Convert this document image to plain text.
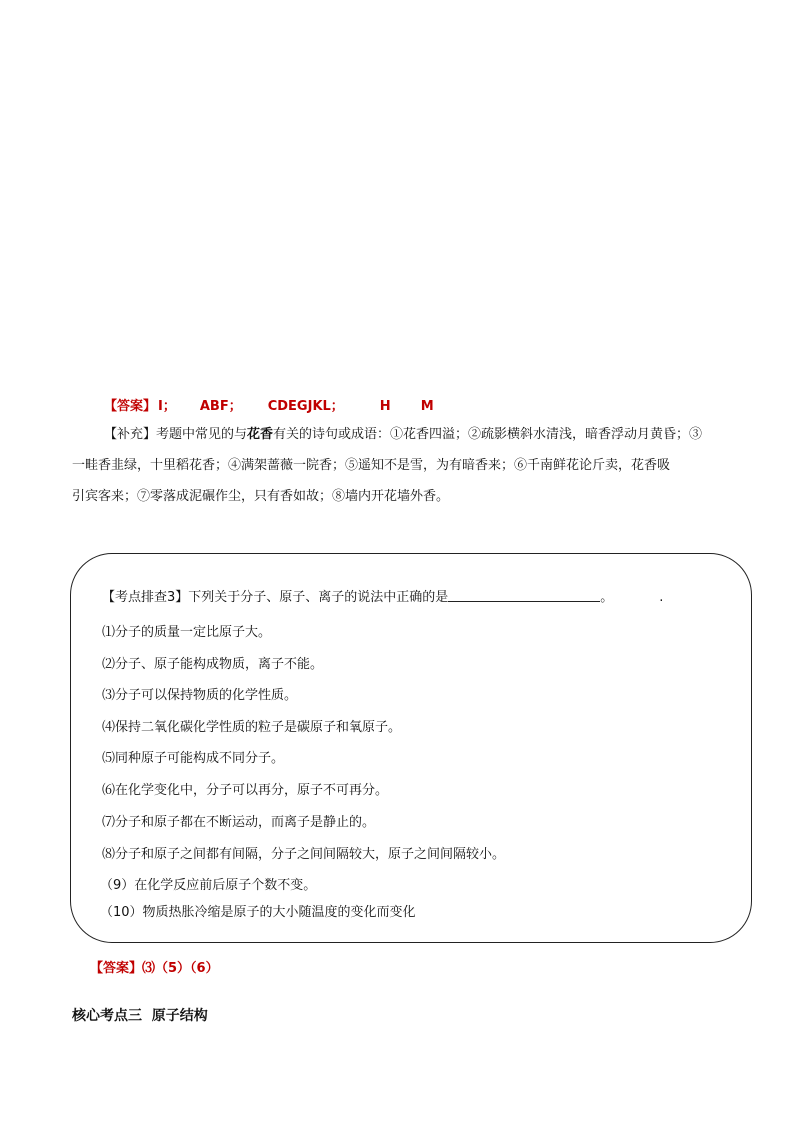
【答案】 I； ABF； CDEGJKL；	H M
【补充】考题中常见的与花香有关的诗句或成语：①花香四溢；②疏影横斜水清浅，暗香浮动月黄昏；③
一畦香韭绿，十里稻花香；④满架蔷薇一院香；⑤遥知不是雪，为有暗香来；⑥千南鲜花论斤卖，花香吸
引宾客来；⑦零落成泥碾作尘，只有香如故；⑧墙内开花墙外香。
【考点排查3】下列关于分子、原子、离子的说法中正确的是	。	.
⑴分子的质量一定比原子大。
⑵分子、原子能构成物质，离子不能。
⑶分子可以保持物质的化学性质。
⑷保持二氧化碳化学性质的粒子是碳原子和氧原子。
⑸同种原子可能构成不同分子。
⑹在化学变化中，分子可以再分，原子不可再分。
⑺分子和原子都在不断运动，而离子是静止的。
⑻分子和原子之间都有间隔，分子之间间隔较大，原子之间间隔较小。
（9）在化学反应前后原子个数不变。
（10）物质热胀冷缩是原子的大小随温度的变化而变化
【答案】⑶（5）（6）
核心考点三  原子结构
